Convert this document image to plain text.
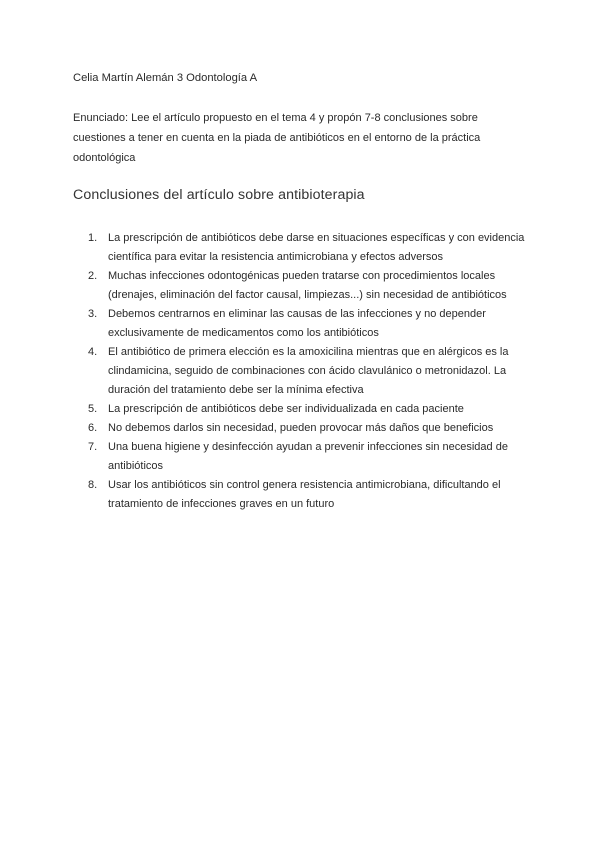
Celia Martín Alemán 3 Odontología A
Enunciado: Lee el artículo propuesto en el tema 4 y propón 7-8 conclusiones sobre cuestiones a tener en cuenta en la piada de antibióticos en el entorno de la práctica odontológica
Conclusiones del artículo sobre antibioterapia
1. La prescripción de antibióticos debe darse en situaciones específicas y con evidencia científica para evitar la resistencia antimicrobiana y efectos adversos
2. Muchas infecciones odontogénicas pueden tratarse con procedimientos locales (drenajes, eliminación del factor causal, limpiezas...) sin necesidad de antibióticos
3. Debemos centrarnos en eliminar las causas de las infecciones y no depender exclusivamente de medicamentos como los antibióticos
4. El antibiótico de primera elección es la amoxicilina mientras que en alérgicos es la clindamicina, seguido de combinaciones con ácido clavulánico o metronidazol. La duración del tratamiento debe ser la mínima efectiva
5. La prescripción de antibióticos debe ser individualizada en cada paciente
6. No debemos darlos sin necesidad, pueden provocar más daños que beneficios
7. Una buena higiene y desinfección ayudan a prevenir infecciones sin necesidad de antibióticos
8. Usar los antibióticos sin control genera resistencia antimicrobiana, dificultando el tratamiento de infecciones graves en un futuro
